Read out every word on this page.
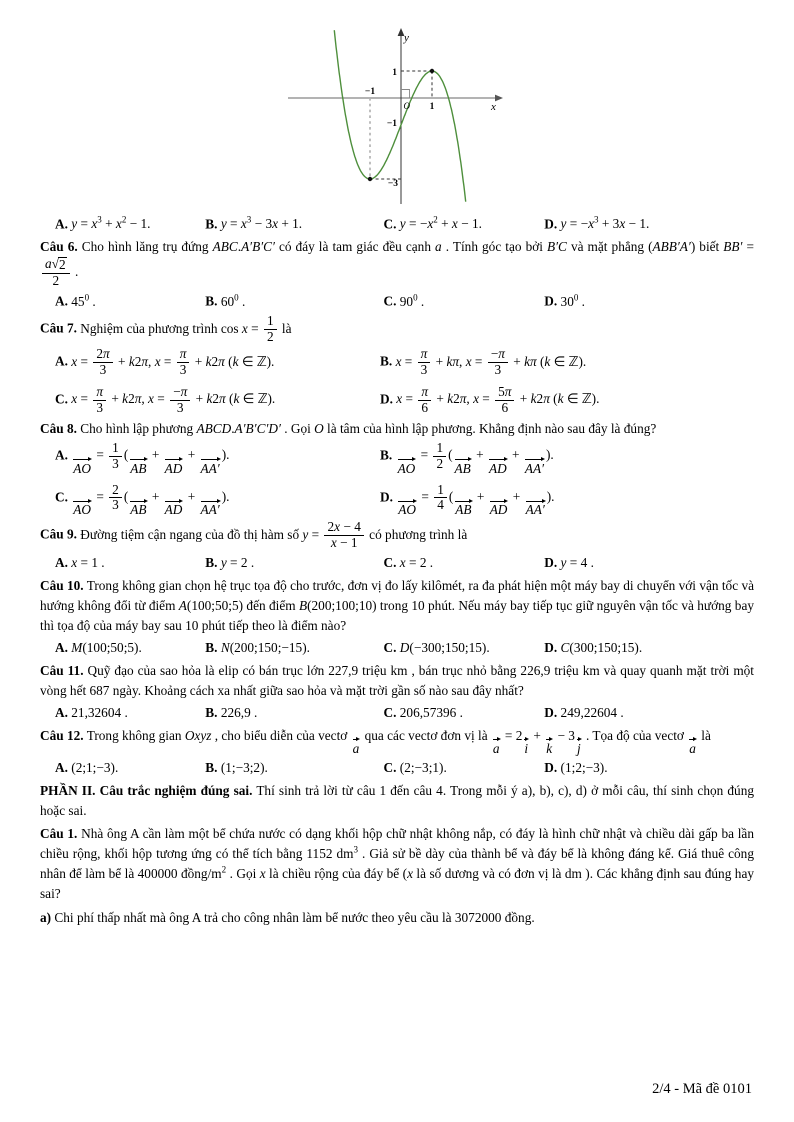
y
x
O
−1
1
1
−1
−3
A. $y = x^3 + x^2 - 1$.	B. $y = x^3 - 3x + 1$.	C. $y = -x^2 + x - 1$.	D. $y = -x^3 + 3x - 1$.
Câu 6. Cho hình lăng trụ đứng ABC.A′B′C′ có đáy là tam giác đều cạnh a . Tính góc tạo bởi B′C và mặt phẳng (ABB′A′) biết BB′ =
$\frac{a √ 2}{2}$ .
A. $45^0$ .	B. $60^0$ .	C. $90^0$ .	D. $30^0$ .
Câu 7. Nghiệm của phương trình $\cos x = \frac{1}{2}$ là
A. $x = \frac{2\pi}{3} + k2\pi$, $x = \frac{\pi}{3} + k2\pi$ (k ∈ ℤ).	B. $x = \frac{\pi}{3} + k\pi$, $x = \frac{-\pi}{3} + k\pi$ (k ∈ ℤ).
C. $x = \frac{\pi}{3} + k2\pi$, $x = \frac{-\pi}{3} + k2\pi$ (k ∈ ℤ).	D. $x = \frac{\pi}{6} + k2\pi$, $x = \frac{5\pi}{6} + k2\pi$ (k ∈ ℤ).
Câu 8. Cho hình lập phương ABCD.A′B′C′D′ . Gọi O là tâm của hình lập phương. Khẳng định nào sau đây là đúng?
A.
AO
= $\frac{1}{3}$ (
AB
+
AD
+
AA′
).	B.
AO
= $\frac{1}{2}$ (
AB
+
AD
+
AA′
).
C.
AO
= $\frac{2}{3}$ (
AB
+
AD
+
AA′
).	D.
AO
= $\frac{1}{4}$ (
AB
+
AD
+
AA′
).
Câu 9. Đường tiệm cận ngang của đồ thị hàm số $y = \frac{2x - 4}{x - 1}$ có phương trình là
A. x = 1 .	B. y = 2 .	C. x = 2 .	D. y = 4 .
Câu 10. Trong không gian chọn hệ trục tọa độ cho trước, đơn vị đo lấy kilômét, ra đa phát hiện một máy bay di chuyển với vận tốc và hướng không đổi từ điểm A(100;50;5) đến điểm B(200;100;10) trong 10 phút. Nếu máy bay tiếp tục giữ nguyên vận tốc và hướng bay thì tọa độ của máy bay sau 10 phút tiếp theo là điểm nào?
A. M(100;50;5).	B. N(200;150;−15).	C. D(−300;150;15).	D. C(300;150;15).
Câu 11. Quỹ đạo của sao hỏa là elip có bán trục lớn 227,9 triệu km , bán trục nhỏ bằng 226,9 triệu km và quay quanh mặt trời một vòng hết 687 ngày. Khoảng cách xa nhất giữa sao hỏa và mặt trời gần số nào sau đây nhất?
A. 21,32604 .	B. 226,9 .	C. 206,57396 .	D. 249,22604 .
Câu 12. Trong không gian Oxyz , cho biểu diễn của vectơ
a
qua các vectơ đơn vị là
a
= 2
i
+
k
− 3
j
. Tọa độ của vectơ
a
là
A. (2;1;−3).	B. (1;−3;2).	C. (2;−3;1).	D. (1;2;−3).
PHẦN II. Câu trắc nghiệm đúng sai. Thí sinh trả lời từ câu 1 đến câu 4. Trong mỗi ý a), b), c), d) ở mỗi câu, thí sinh chọn đúng hoặc sai.
Câu 1. Nhà ông A cần làm một bể chứa nước có dạng khối hộp chữ nhật không nắp, có đáy là hình chữ nhật và chiều dài gấp ba lần chiều rộng, khối hộp tương ứng có thể tích bằng 1152 $dm^3$ . Giả sử bề dày của thành bể và đáy bể là không đáng kể. Giá thuê công nhân để làm bể là 400000 đồng/$m^2$ . Gọi x là chiều rộng của đáy bể (x là số dương và có đơn vị là dm ). Các khẳng định sau đúng hay sai?
a) Chi phí thấp nhất mà ông A trả cho công nhân làm bể nước theo yêu cầu là 3072000 đồng.
2/4 - Mã đề 0101
